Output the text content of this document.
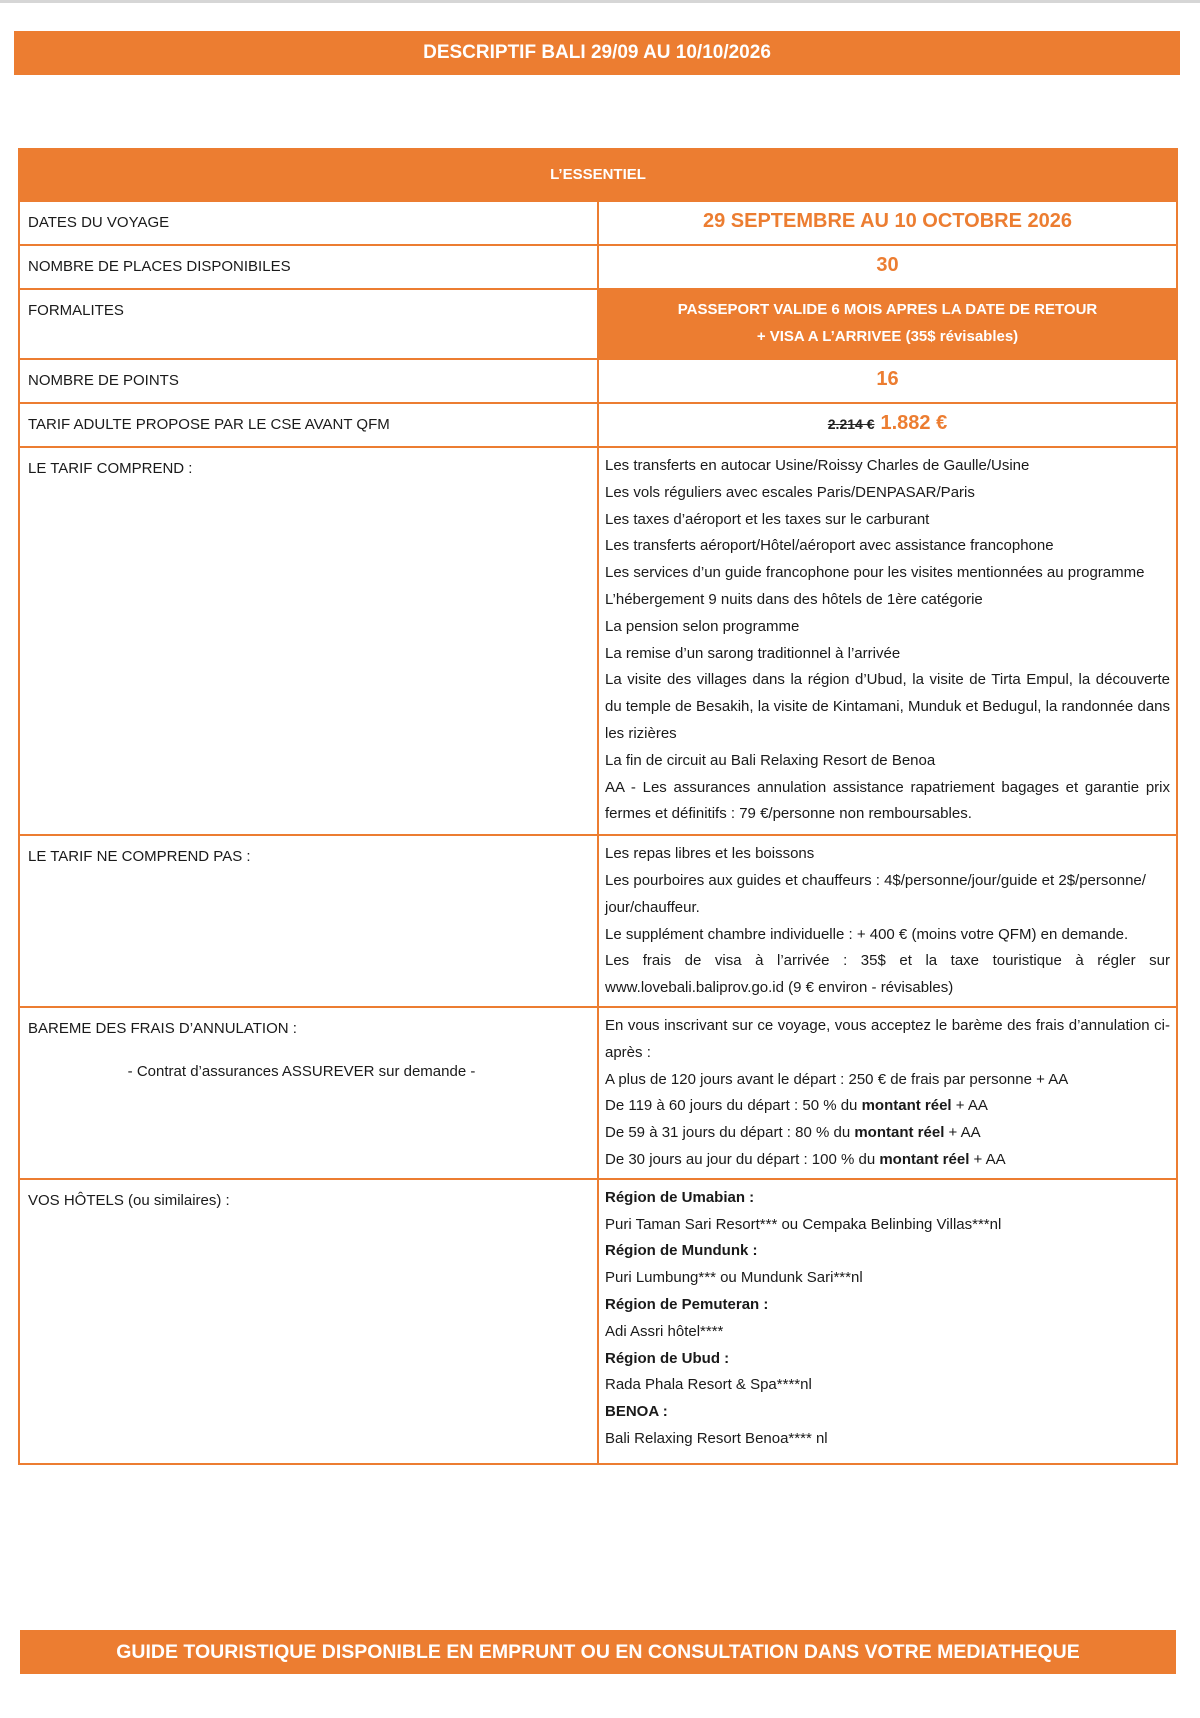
DESCRIPTIF BALI 29/09 AU 10/10/2026
L’ESSENTIEL	
DATES DU VOYAGE	29 SEPTEMBRE AU 10 OCTOBRE 2026
NOMBRE DE PLACES DISPONIBILES	30
FORMALITES	PASSEPORT VALIDE 6 MOIS APRES LA DATE DE RETOUR
+ VISA A L’ARRIVEE (35$ révisables)

NOMBRE DE POINTS	16
TARIF ADULTE PROPOSE PAR LE CSE AVANT QFM	2.214 € 1.882 €
LE TARIF COMPREND :	Les transferts en autocar Usine/Roissy Charles de Gaulle/Usine
Les vols réguliers avec escales Paris/DENPASAR/Paris
Les taxes d’aéroport et les taxes sur le carburant
Les transferts aéroport/Hôtel/aéroport avec assistance francophone
Les services d’un guide francophone pour les visites mentionnées au programme
L’hébergement 9 nuits dans des hôtels de 1ère catégorie
La pension selon programme
La remise d’un sarong traditionnel à l’arrivée
La visite des villages dans la région d’Ubud, la visite de Tirta Empul, la découverte du temple de Besakih, la visite de Kintamani, Munduk et Bedugul, la randonnée dans les rizières
La fin de circuit au Bali Relaxing Resort de Benoa
AA - Les assurances annulation assistance rapatriement bagages et garantie prix fermes et définitifs : 79 €/personne non remboursables.

LE TARIF NE COMPREND PAS :	Les repas libres et les boissons
Les pourboires aux guides et chauffeurs : 4$/personne/jour/guide et 2$/personne/ jour/chauffeur.
Le supplément chambre individuelle : + 400 € (moins votre QFM) en demande.
Les frais de visa à l’arrivée : 35$ et la taxe touristique à régler sur www.lovebali.baliprov.go.id (9 € environ - révisables)

BAREME DES FRAIS D’ANNULATION :
- Contrat d’assurances ASSUREVER sur demande -	En vous inscrivant sur ce voyage, vous acceptez le barème des frais d’annulation ci-après :
A plus de 120 jours avant le départ : 250 € de frais par personne + AA
De 119 à 60 jours du départ : 50 % du montant réel + AA
De 59 à 31 jours du départ : 80 % du montant réel + AA
De 30 jours au jour du départ : 100 % du montant réel + AA

VOS HÔTELS (ou similaires) :	Région de Umabian :
Puri Taman Sari Resort*** ou Cempaka Belinbing Villas***nl
Région de Mundunk :
Puri Lumbung*** ou Mundunk Sari***nl
Région de Pemuteran :
Adi Assri hôtel****
Région de Ubud :
Rada Phala Resort & Spa****nl
BENOA :
Bali Relaxing Resort Benoa**** nl
GUIDE TOURISTIQUE DISPONIBLE EN EMPRUNT OU EN CONSULTATION DANS VOTRE MEDIATHEQUE
